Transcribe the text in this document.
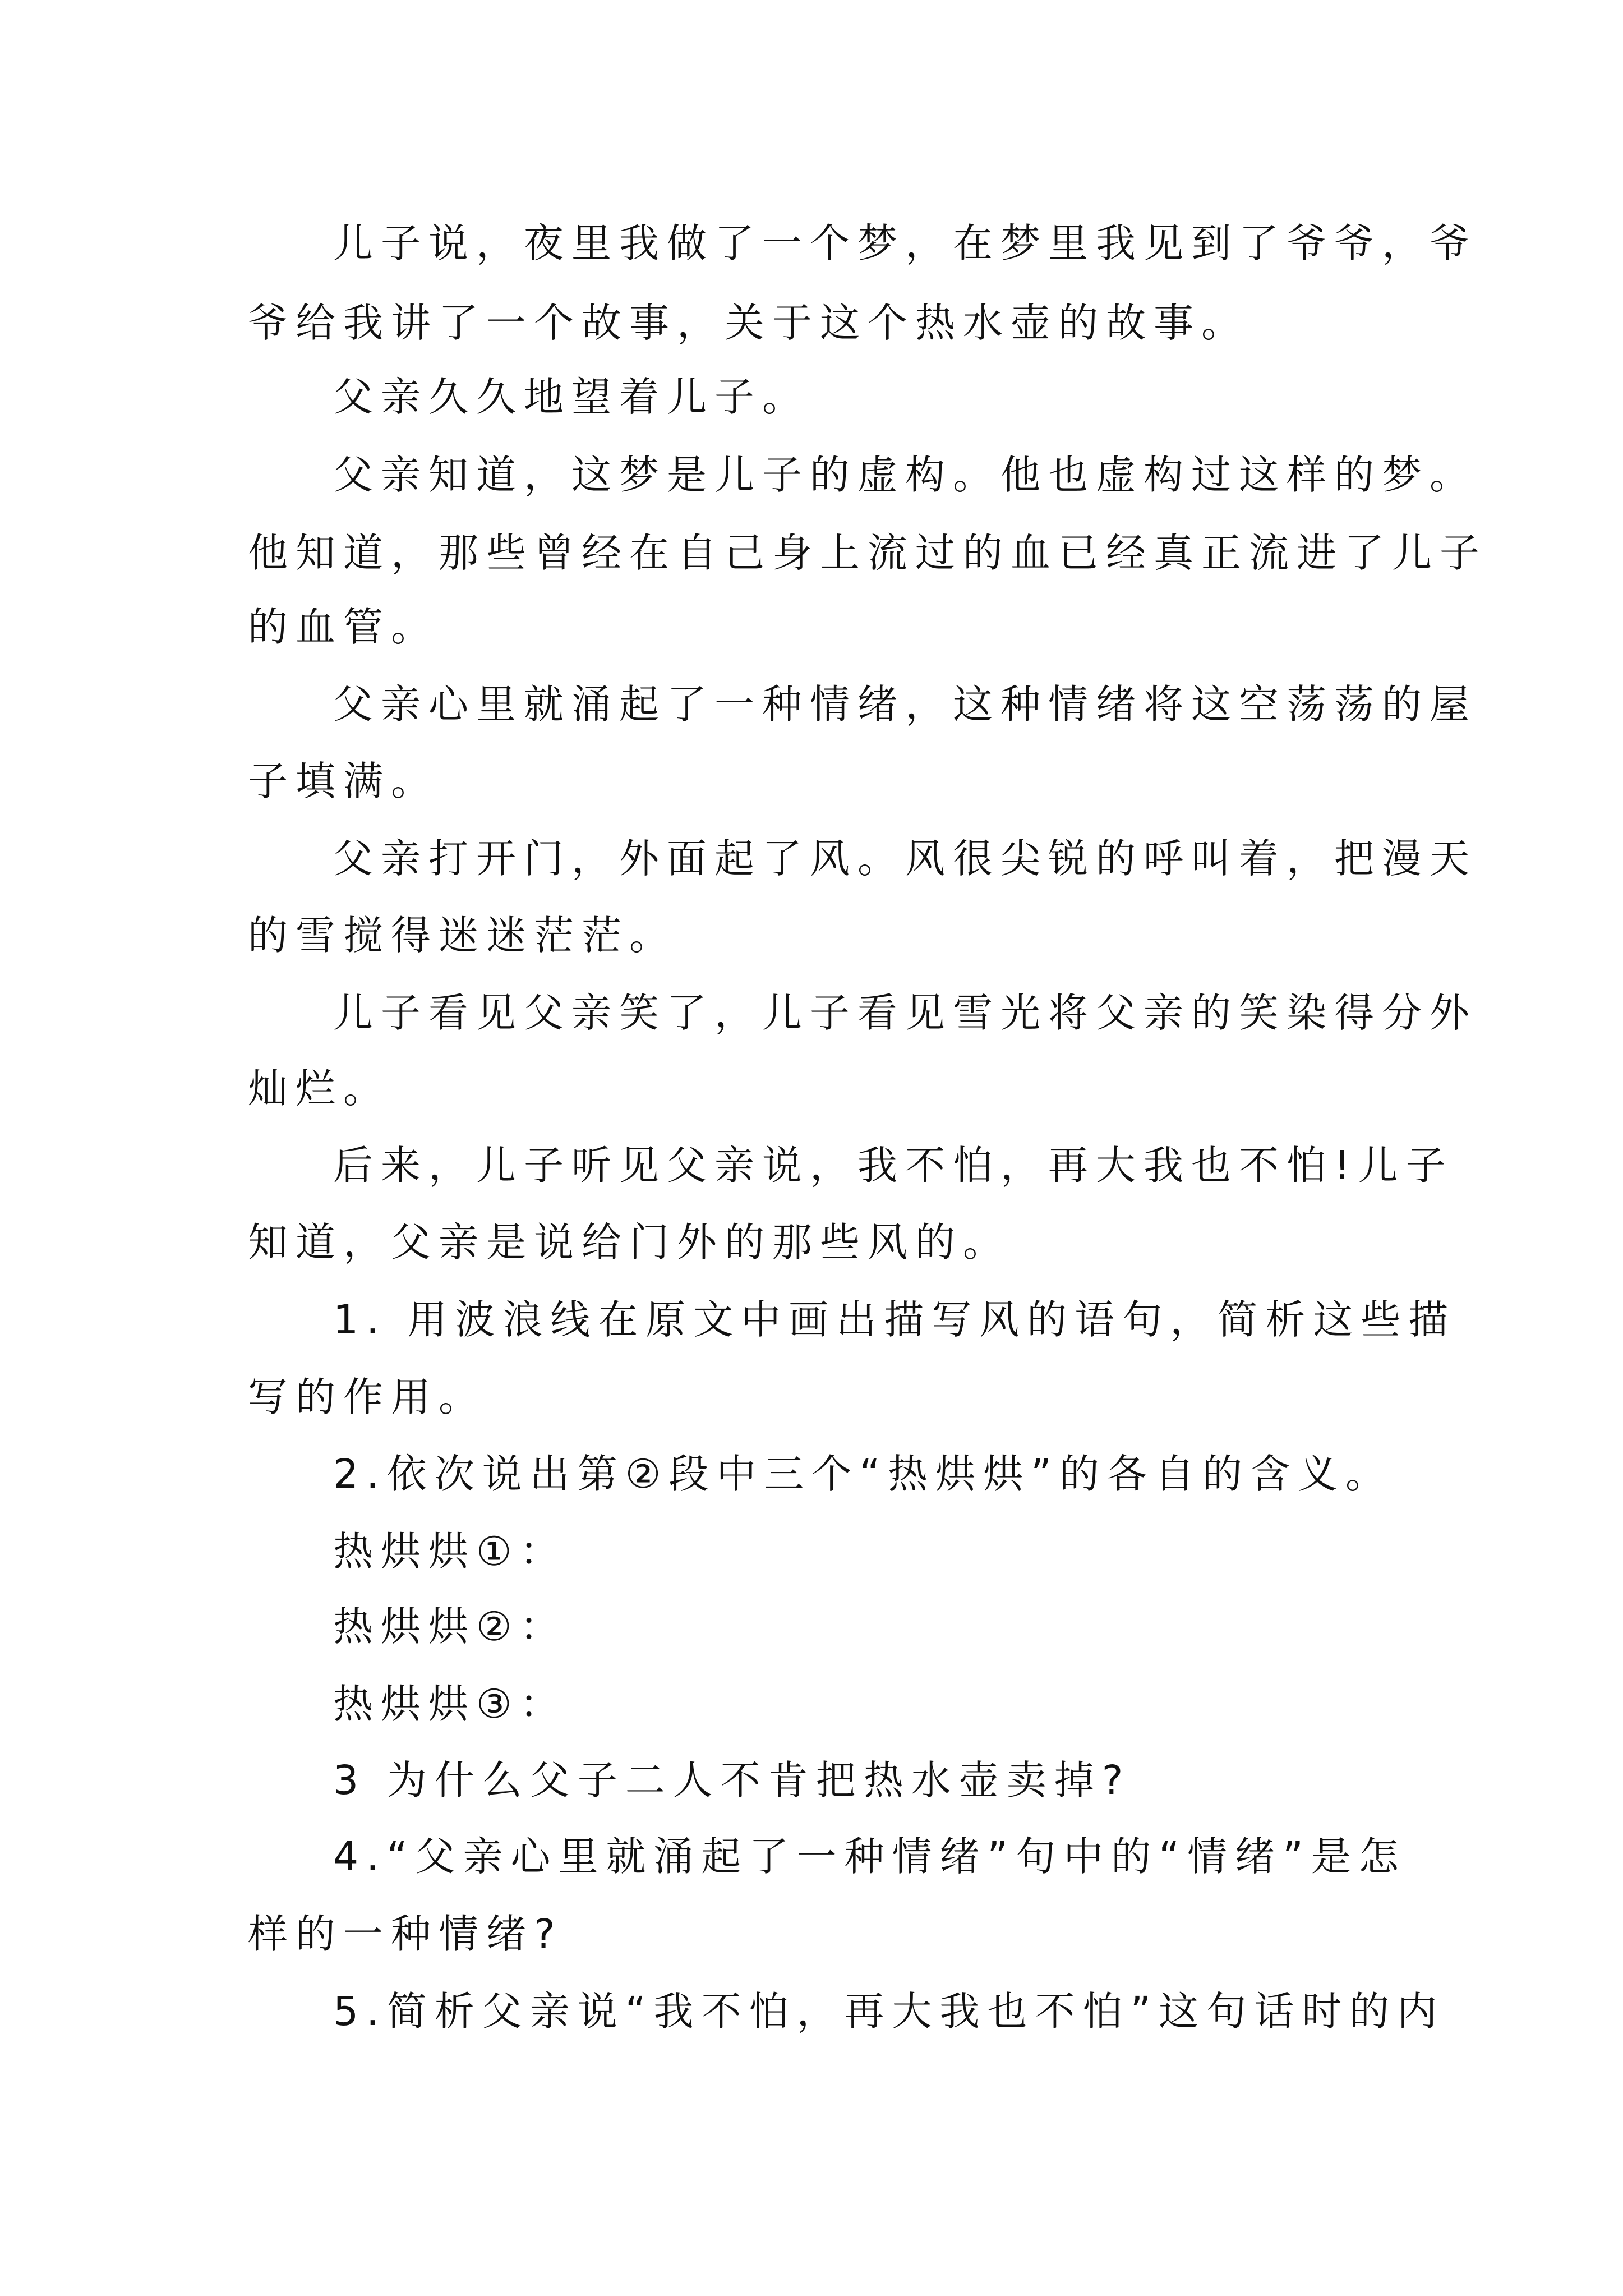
儿子说，夜里我做了一个梦，在梦里我见到了爷爷，爷
爷给我讲了一个故事，关于这个热水壶的故事。
父亲久久地望着儿子。
父亲知道，这梦是儿子的虚构。他也虚构过这样的梦。
他知道，那些曾经在自己身上流过的血已经真正流进了儿子
的血管。
父亲心里就涌起了一种情绪，这种情绪将这空荡荡的屋
子填满。
父亲打开门，外面起了风。风很尖锐的呼叫着，把漫天
的雪搅得迷迷茫茫。
儿子看见父亲笑了，儿子看见雪光将父亲的笑染得分外
灿烂。
后来，儿子听见父亲说，我不怕，再大我也不怕!儿子
知道，父亲是说给门外的那些风的。
1. 用波浪线在原文中画出描写风的语句，简析这些描
写的作用。
2.依次说出第②段中三个“热烘烘”的各自的含义。
热烘烘①：
热烘烘②：
热烘烘③：
3 为什么父子二人不肯把热水壶卖掉?
4.“父亲心里就涌起了一种情绪”句中的“情绪”是怎
样的一种情绪?
5.简析父亲说“我不怕，再大我也不怕”这句话时的内
